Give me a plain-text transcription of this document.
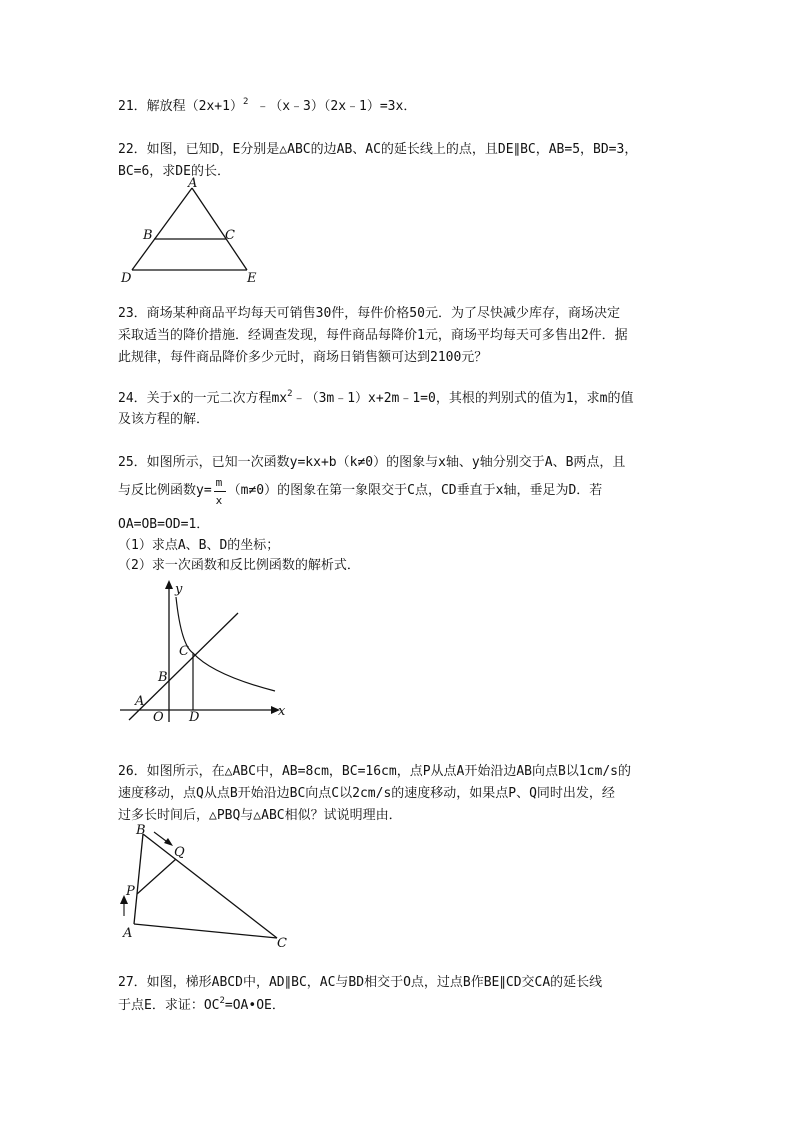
21．解放程$(2x+1)^2$ ﹣（x﹣3）（2x﹣1）=3x．
22．如图，已知D，E分别是△ABC的边AB、AC的延长线上的点，且DE∥BC，AB=5，BD=3，
BC=6，求DE的长．
A
B	C
D	E
23．商场某种商品平均每天可销售30件，每件价格50元．为了尽快减少库存，商场决定
采取适当的降价措施．经调查发现，每件商品每降价1元，商场平均每天可多售出2件．据
此规律，每件商品降价多少元时，商场日销售额可达到2100元？
24．关于x的一元二次方程$mx^2﹣(3m﹣1)x+2m﹣1=0$，其根的判别式的值为1，求m的值
及该方程的解．
25．如图所示，已知一次函数y=kx+b（k≠0）的图象与x轴、y轴分别交于A、B两点，且
与反比例函数$y= \frac{m}{x} (m\ne 0)$的图象在第一象限交于C点，CD垂直于x轴，垂足为D．若
OA=OB=OD=1．
（1）求点A、B、D的坐标；
（2）求一次函数和反比例函数的解析式．
y
x
C
B
A
O D
26．如图所示，在△ABC中，AB=8cm，BC=16cm，点P从点A开始沿边AB向点B以1cm/s的
速度移动，点Q从点B开始沿边BC向点C以2cm/s的速度移动，如果点P、Q同时出发，经
过多长时间后，△PBQ与△ABC相似？试说明理由．
B
Q
P
A
C
27．如图，梯形ABCD中，AD∥BC，AC与BD相交于O点，过点B作BE∥CD交CA的延长线
于点E．求证：$OC^2=OA•OE$．
